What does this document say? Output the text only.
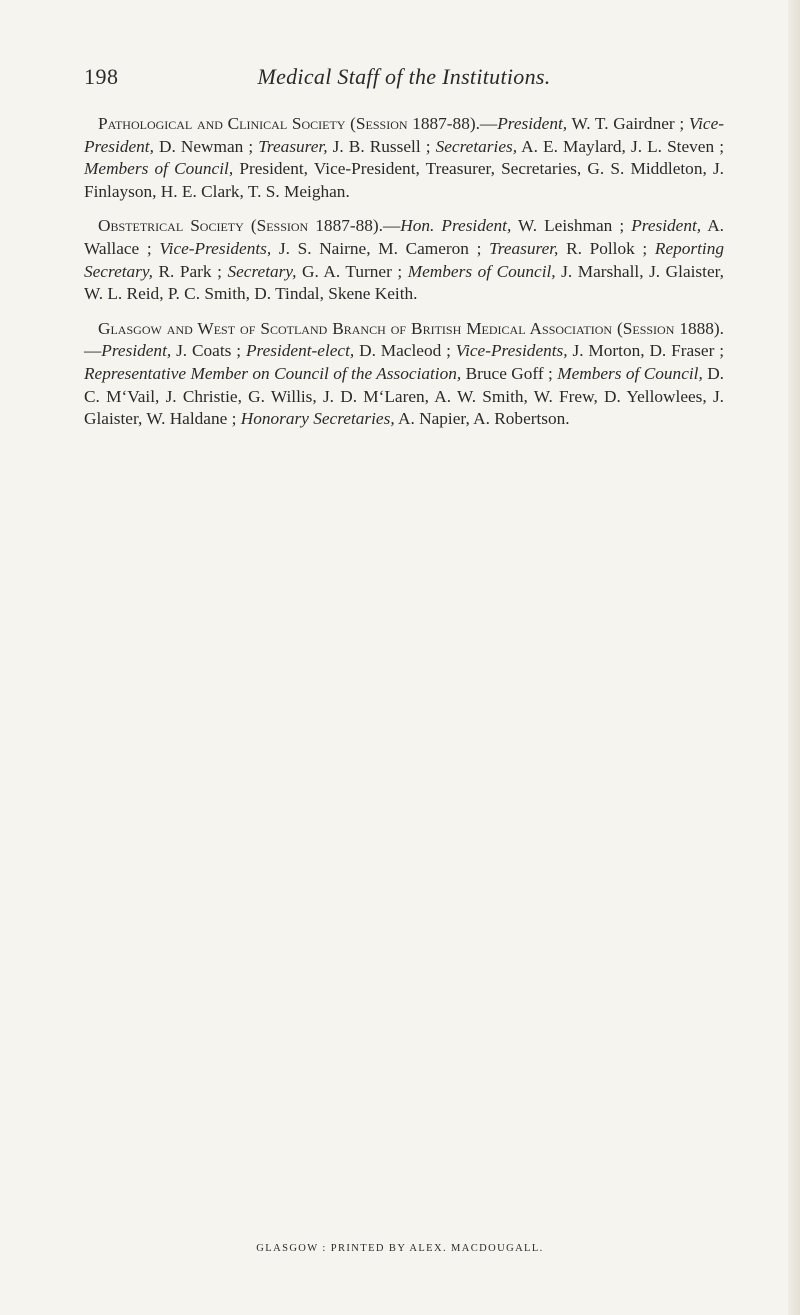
198	Medical Staff of the Institutions.

Pathological and Clinical Society (Session 1887-88).—President, W. T. Gairdner ; Vice-President, D. Newman ; Treasurer, J. B. Russell ; Secretaries, A. E. Maylard, J. L. Steven ; Members of Council, President, Vice-President, Treasurer, Secretaries, G. S. Middleton, J. Finlayson, H. E. Clark, T. S. Meighan.

Obstetrical Society (Session 1887-88).—Hon. President, W. Leishman ; President, A. Wallace ; Vice-Presidents, J. S. Nairne, M. Cameron ; Treasurer, R. Pollok ; Reporting Secretary, R. Park ; Secretary, G. A. Turner ; Members of Council, J. Marshall, J. Glaister, W. L. Reid, P. C. Smith, D. Tindal, Skene Keith.

Glasgow and West of Scotland Branch of British Medical Association (Session 1888).—President, J. Coats ; President-elect, D. Macleod ; Vice-Presidents, J. Morton, D. Fraser ; Representative Member on Council of the Association, Bruce Goff ; Members of Council, D. C. M‘Vail, J. Christie, G. Willis, J. D. M‘Laren, A. W. Smith, W. Frew, D. Yellowlees, J. Glaister, W. Haldane ; Honorary Secretaries, A. Napier, A. Robertson.

GLASGOW : PRINTED BY ALEX. MACDOUGALL.
